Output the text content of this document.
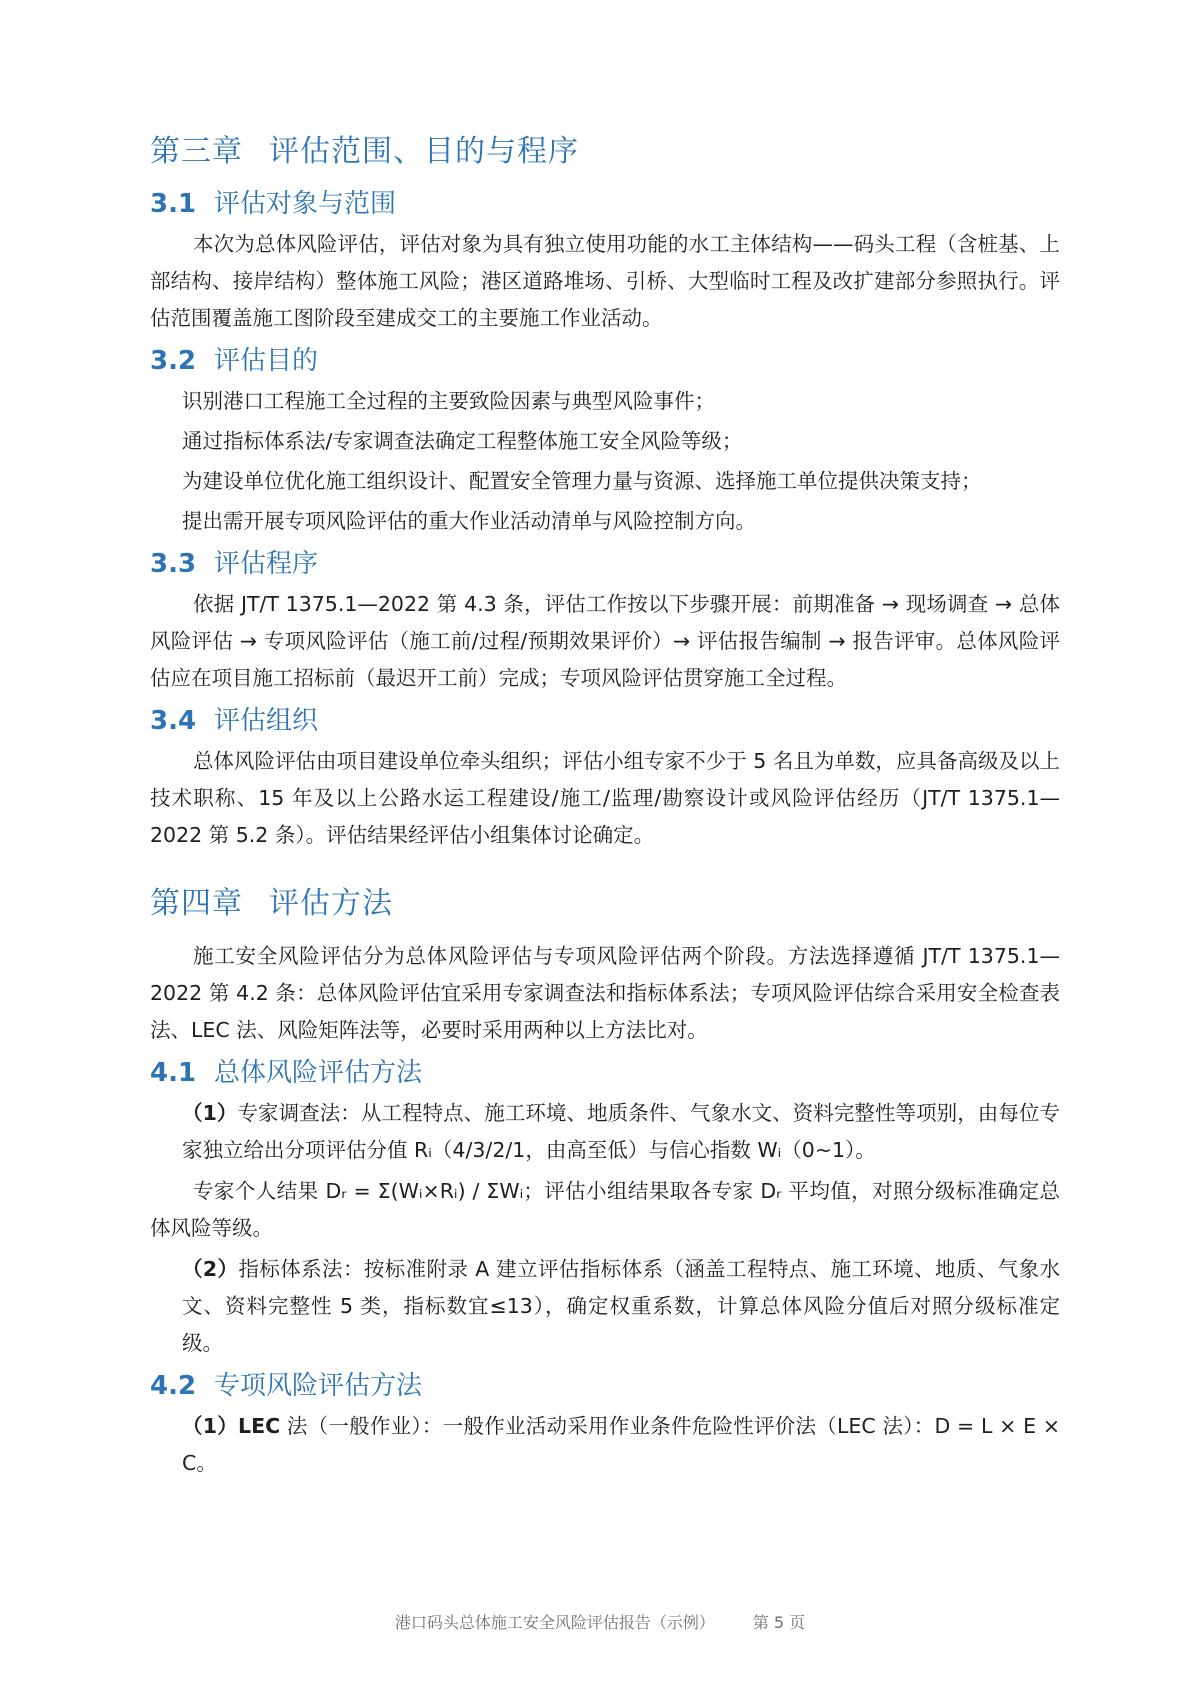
第三章 评估范围、目的与程序
3.1 评估对象与范围

本次为总体风险评估，评估对象为具有独立使用功能的水工主体结构——码头工程（含桩基、上部结构、接岸结构）整体施工风险；港区道路堆场、引桥、大型临时工程及改扩建部分参照执行。评估范围覆盖施工图阶段至建成交工的主要施工作业活动。

3.2 评估目的

识别港口工程施工全过程的主要致险因素与典型风险事件；

通过指标体系法/专家调查法确定工程整体施工安全风险等级；

为建设单位优化施工组织设计、配置安全管理力量与资源、选择施工单位提供决策支持；

提出需开展专项风险评估的重大作业活动清单与风险控制方向。

3.3 评估程序

依据 JT/T 1375.1—2022 第 4.3 条，评估工作按以下步骤开展：前期准备 → 现场调查 → 总体风险评估 → 专项风险评估（施工前/过程/预期效果评价）→ 评估报告编制 → 报告评审。总体风险评估应在项目施工招标前（最迟开工前）完成；专项风险评估贯穿施工全过程。

3.4 评估组织

总体风险评估由项目建设单位牵头组织；评估小组专家不少于 5 名且为单数，应具备高级及以上技术职称、15 年及以上公路水运工程建设/施工/监理/勘察设计或风险评估经历（JT/T 1375.1—2022 第 5.2 条）。评估结果经评估小组集体讨论确定。

第四章 评估方法

施工安全风险评估分为总体风险评估与专项风险评估两个阶段。方法选择遵循 JT/T 1375.1—2022 第 4.2 条：总体风险评估宜采用专家调查法和指标体系法；专项风险评估综合采用安全检查表法、LEC 法、风险矩阵法等，必要时采用两种以上方法比对。

4.1 总体风险评估方法

（1）专家调查法：从工程特点、施工环境、地质条件、气象水文、资料完整性等项别，由每位专家独立给出分项评估分值 Rᵢ（4/3/2/1，由高至低）与信心指数 Wᵢ（0~1）。

专家个人结果 Dᵣ = Σ(Wᵢ×Rᵢ) / ΣWᵢ；评估小组结果取各专家 Dᵣ 平均值，对照分级标准确定总体风险等级。

（2）指标体系法：按标准附录 A 建立评估指标体系（涵盖工程特点、施工环境、地质、气象水文、资料完整性 5 类，指标数宜≤13），确定权重系数，计算总体风险分值后对照分级标准定级。

4.2 专项风险评估方法

（1）LEC 法（一般作业）：一般作业活动采用作业条件危险性评价法（LEC 法）：D = L × E × C。

港口码头总体施工安全风险评估报告（示例） 第 5 页
